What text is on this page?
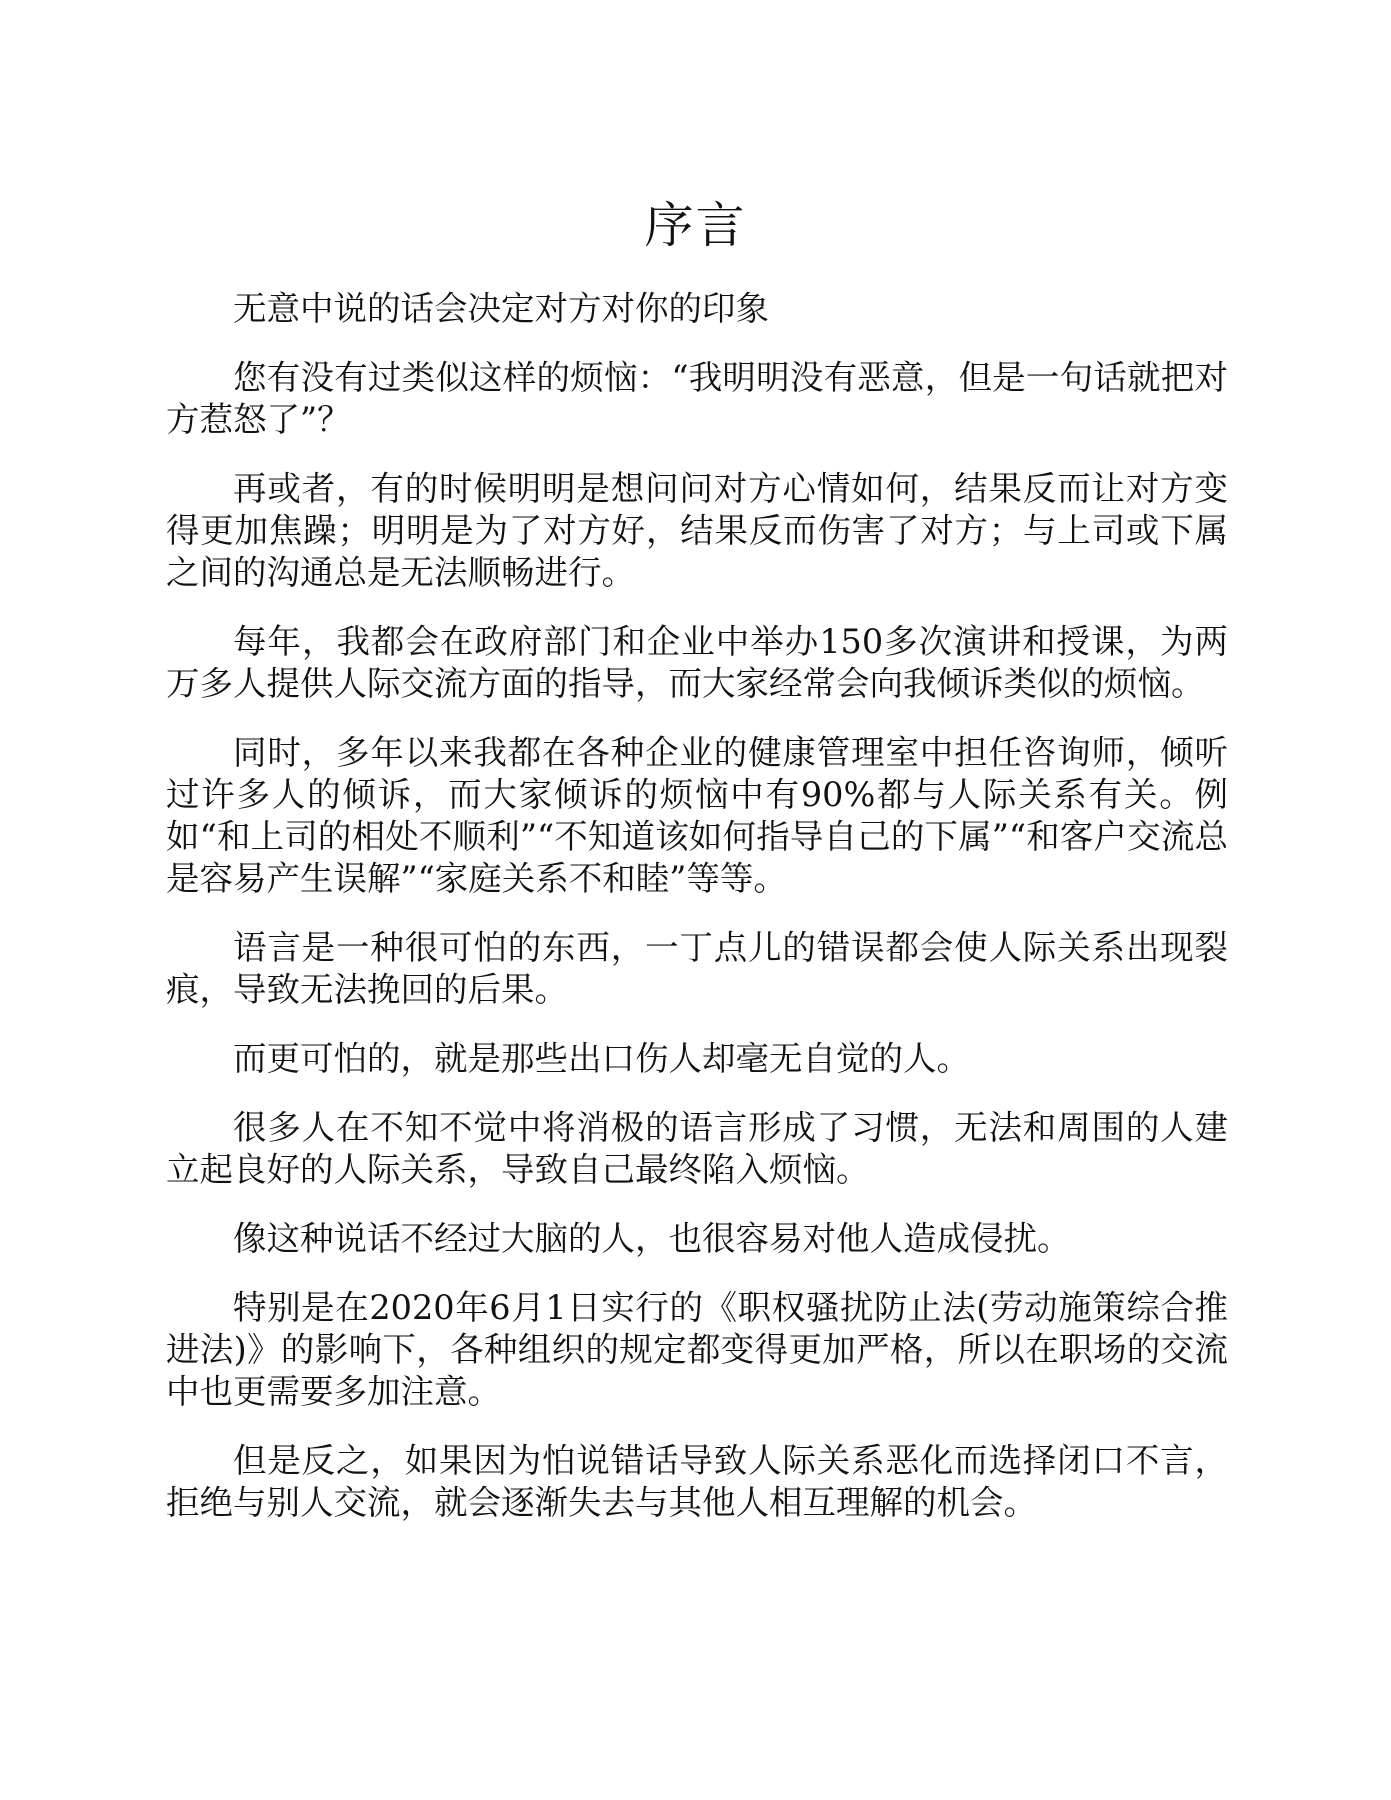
序言

无意中说的话会决定对方对你的印象

您有没有过类似这样的烦恼：“我明明没有恶意，但是一句话就把对方惹怒了”？

再或者，有的时候明明是想问问对方心情如何，结果反而让对方变得更加焦躁；明明是为了对方好，结果反而伤害了对方；与上司或下属之间的沟通总是无法顺畅进行。

每年，我都会在政府部门和企业中举办150多次演讲和授课，为两万多人提供人际交流方面的指导，而大家经常会向我倾诉类似的烦恼。

同时，多年以来我都在各种企业的健康管理室中担任咨询师，倾听过许多人的倾诉，而大家倾诉的烦恼中有90%都与人际关系有关。例如“和上司的相处不顺利”“不知道该如何指导自己的下属”“和客户交流总是容易产生误解”“家庭关系不和睦”等等。

语言是一种很可怕的东西，一丁点儿的错误都会使人际关系出现裂痕，导致无法挽回的后果。

而更可怕的，就是那些出口伤人却毫无自觉的人。

很多人在不知不觉中将消极的语言形成了习惯，无法和周围的人建立起良好的人际关系，导致自己最终陷入烦恼。

像这种说话不经过大脑的人，也很容易对他人造成侵扰。

特别是在2020年6月1日实行的《职权骚扰防止法(劳动施策综合推进法)》的影响下，各种组织的规定都变得更加严格，所以在职场的交流中也更需要多加注意。

但是反之，如果因为怕说错话导致人际关系恶化而选择闭口不言，拒绝与别人交流，就会逐渐失去与其他人相互理解的机会。
